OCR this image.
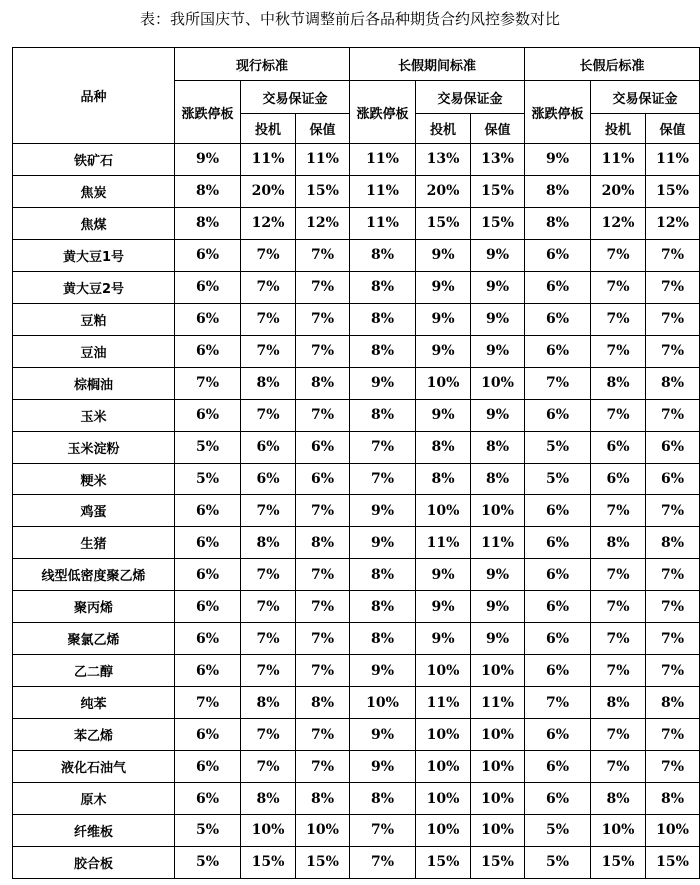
表：我所国庆节、中秋节调整前后各品种期货合约风控参数对比
品种	现行标准			长假期间标准			长假后标准		
	涨跌停板	交易保证金		涨跌停板	交易保证金		涨跌停板	交易保证金	
		投机	保值		投机	保值		投机	保值
铁矿石	9%	11%	11%	11%	13%	13%	9%	11%	11%
焦炭	8%	20%	15%	11%	20%	15%	8%	20%	15%
焦煤	8%	12%	12%	11%	15%	15%	8%	12%	12%
黄大豆1号	6%	7%	7%	8%	9%	9%	6%	7%	7%
黄大豆2号	6%	7%	7%	8%	9%	9%	6%	7%	7%
豆粕	6%	7%	7%	8%	9%	9%	6%	7%	7%
豆油	6%	7%	7%	8%	9%	9%	6%	7%	7%
棕榈油	7%	8%	8%	9%	10%	10%	7%	8%	8%
玉米	6%	7%	7%	8%	9%	9%	6%	7%	7%
玉米淀粉	5%	6%	6%	7%	8%	8%	5%	6%	6%
粳米	5%	6%	6%	7%	8%	8%	5%	6%	6%
鸡蛋	6%	7%	7%	9%	10%	10%	6%	7%	7%
生猪	6%	8%	8%	9%	11%	11%	6%	8%	8%
线型低密度聚乙烯	6%	7%	7%	8%	9%	9%	6%	7%	7%
聚丙烯	6%	7%	7%	8%	9%	9%	6%	7%	7%
聚氯乙烯	6%	7%	7%	8%	9%	9%	6%	7%	7%
乙二醇	6%	7%	7%	9%	10%	10%	6%	7%	7%
纯苯	7%	8%	8%	10%	11%	11%	7%	8%	8%
苯乙烯	6%	7%	7%	9%	10%	10%	6%	7%	7%
液化石油气	6%	7%	7%	9%	10%	10%	6%	7%	7%
原木	6%	8%	8%	8%	10%	10%	6%	8%	8%
纤维板	5%	10%	10%	7%	10%	10%	5%	10%	10%
胶合板	5%	15%	15%	7%	15%	15%	5%	15%	15%
